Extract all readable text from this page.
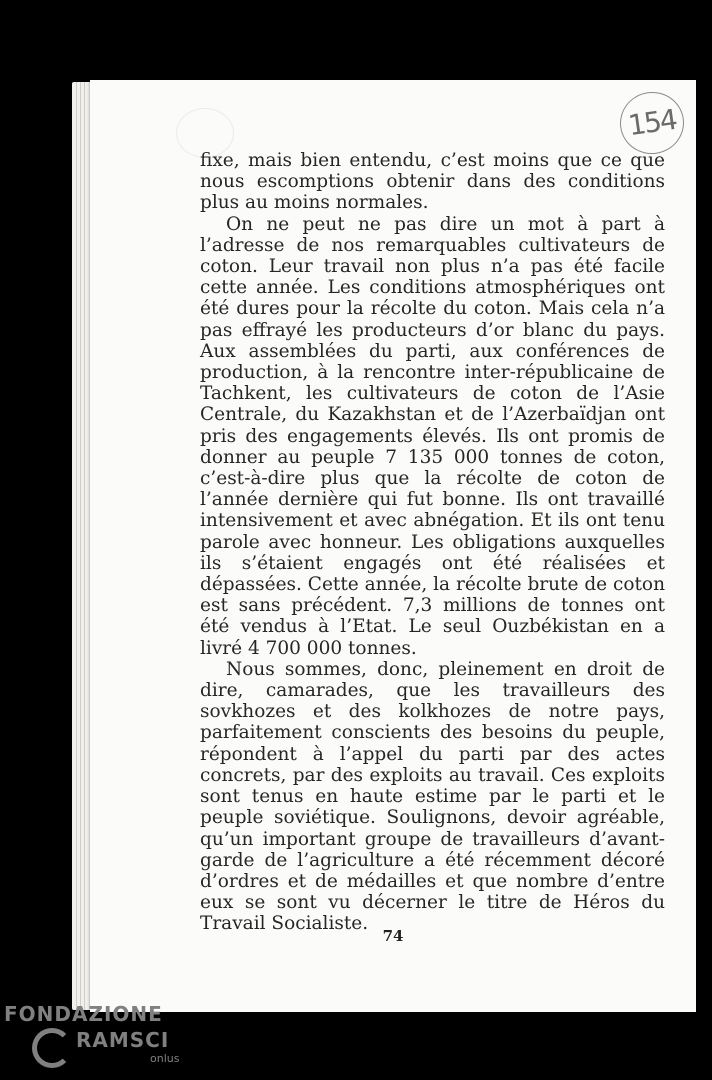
154

fixe, mais bien entendu, c’est moins que ce que nous escomptions obtenir dans des conditions plus au moins normales.

On ne peut ne pas dire un mot à part à l’adresse de nos remarquables cultivateurs de coton. Leur travail non plus n’a pas été facile cette année. Les conditions atmosphériques ont été dures pour la récolte du coton. Mais cela n’a pas effrayé les producteurs d’or blanc du pays. Aux assemblées du parti, aux conférences de production, à la rencontre inter-républicaine de Tachkent, les cultivateurs de coton de l’Asie Centrale, du Kazakhstan et de l’Azerbaïdjan ont pris des engagements élevés. Ils ont promis de donner au peuple 7 135 000 tonnes de coton, c’est-à-dire plus que la récolte de coton de l’année dernière qui fut bonne. Ils ont travaillé intensivement et avec abnégation. Et ils ont tenu parole avec honneur. Les obligations auxquelles ils s’étaient engagés ont été réalisées et dépassées. Cette année, la récolte brute de coton est sans précédent. 7,3 millions de tonnes ont été vendus à l’Etat. Le seul Ouzbékistan en a livré 4 700 000 tonnes.

Nous sommes, donc, pleinement en droit de dire, camarades, que les travailleurs des sovkhozes et des kolkhozes de notre pays, parfaitement conscients des besoins du peuple, répondent à l’appel du parti par des actes concrets, par des exploits au travail. Ces exploits sont tenus en haute estime par le parti et le peuple soviétique. Soulignons, devoir agréable, qu’un important groupe de travailleurs d’avant-garde de l’agriculture a été récemment décoré d’ordres et de médailles et que nombre d’entre eux se sont vu décerner le titre de Héros du Travail Socialiste.

74
FONDAZIONE
RAMSCI
onlus
